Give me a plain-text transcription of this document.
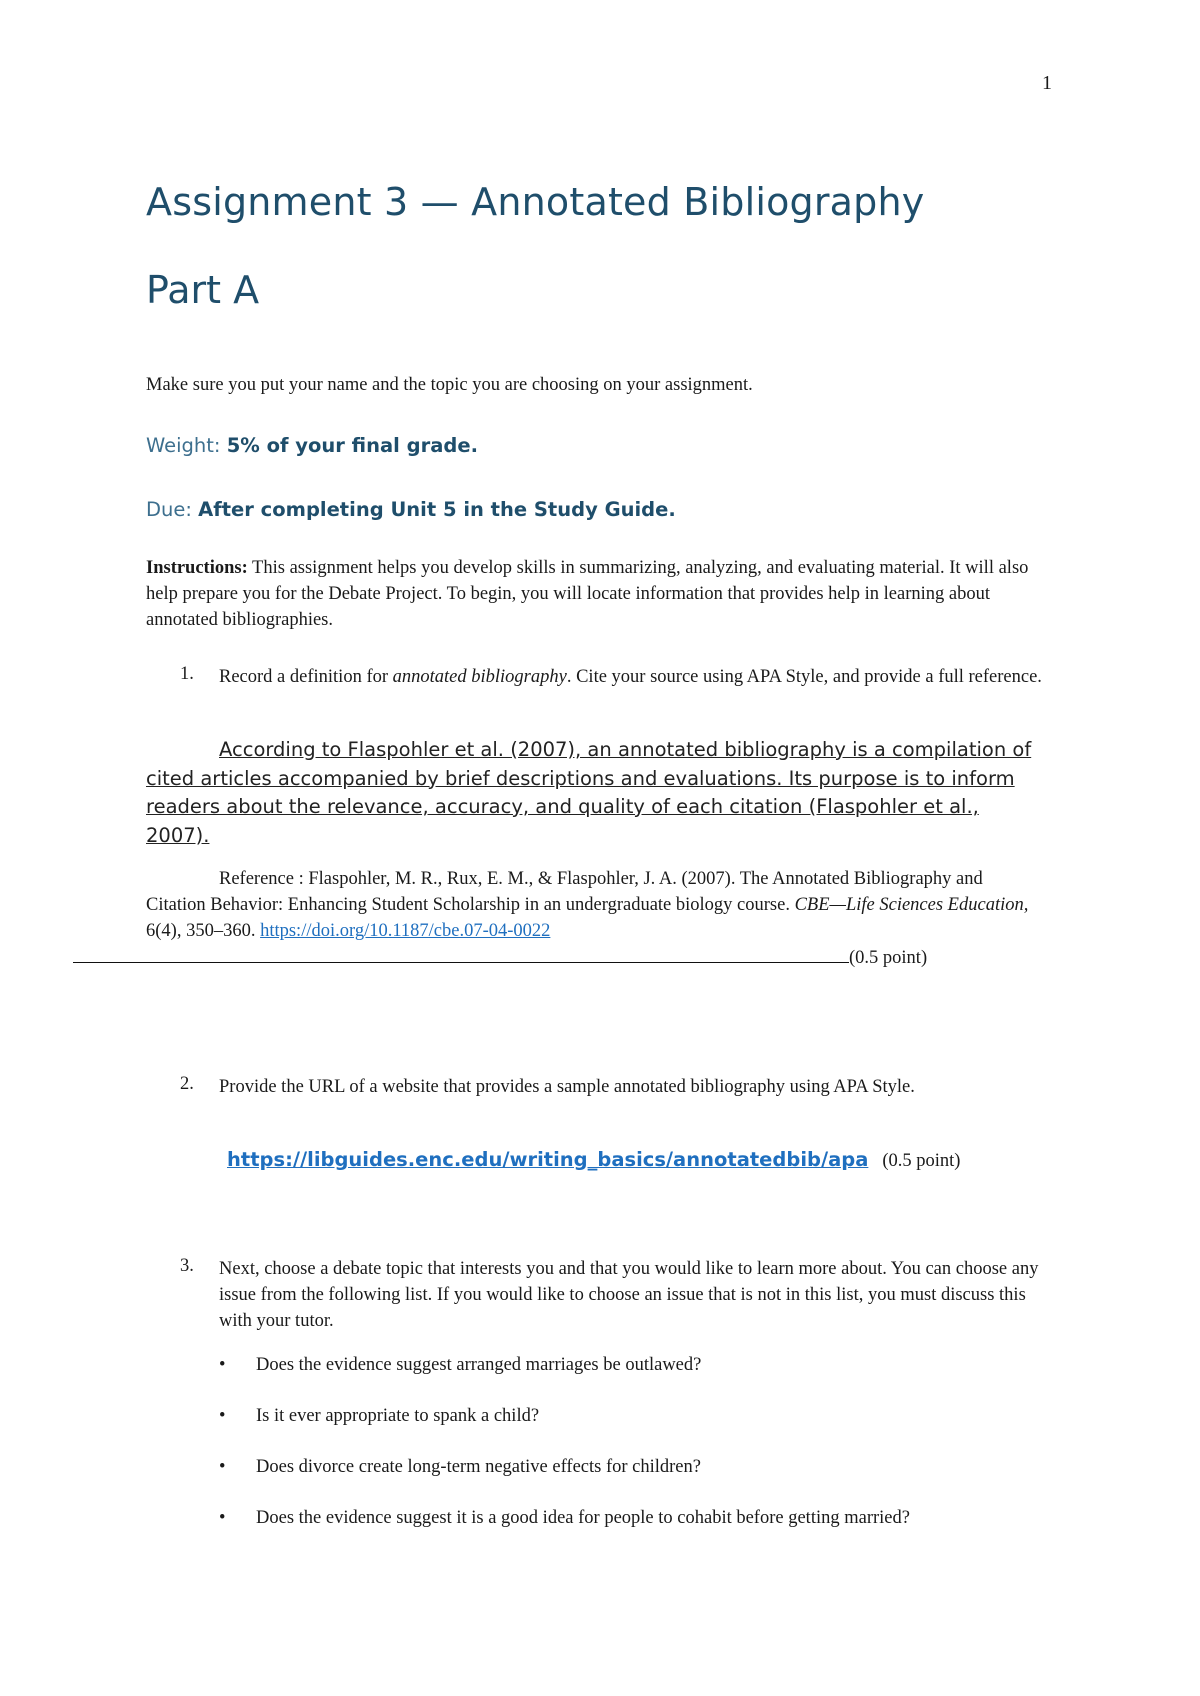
1
Assignment 3 — Annotated Bibliography
Part A

Make sure you put your name and the topic you are choosing on your assignment.

Weight: 5% of your final grade.

Due: After completing Unit 5 in the Study Guide.

Instructions: This assignment helps you develop skills in summarizing, analyzing, and evaluating material. It will also help prepare you for the Debate Project. To begin, you will locate information that provides help in learning about annotated bibliographies.

1. Record a definition for annotated bibliography. Cite your source using APA Style, and provide a full reference.

According to Flaspohler et al. (2007), an annotated bibliography is a compilation of cited articles accompanied by brief descriptions and evaluations. Its purpose is to inform readers about the relevance, accuracy, and quality of each citation (Flaspohler et al., 2007).

Reference : Flaspohler, M. R., Rux, E. M., & Flaspohler, J. A. (2007). The Annotated Bibliography and Citation Behavior: Enhancing Student Scholarship in an undergraduate biology course. CBE—Life Sciences Education, 6(4), 350–360. https://doi.org/10.1187/cbe.07-04-0022
(0.5 point)

2. Provide the URL of a website that provides a sample annotated bibliography using APA Style.

https://libguides.enc.edu/writing_basics/annotatedbib/apa (0.5 point)

3. Next, choose a debate topic that interests you and that you would like to learn more about. You can choose any issue from the following list. If you would like to choose an issue that is not in this list, you must discuss this with your tutor.

• Does the evidence suggest arranged marriages be outlawed?
• Is it ever appropriate to spank a child?
• Does divorce create long-term negative effects for children?
• Does the evidence suggest it is a good idea for people to cohabit before getting married?
